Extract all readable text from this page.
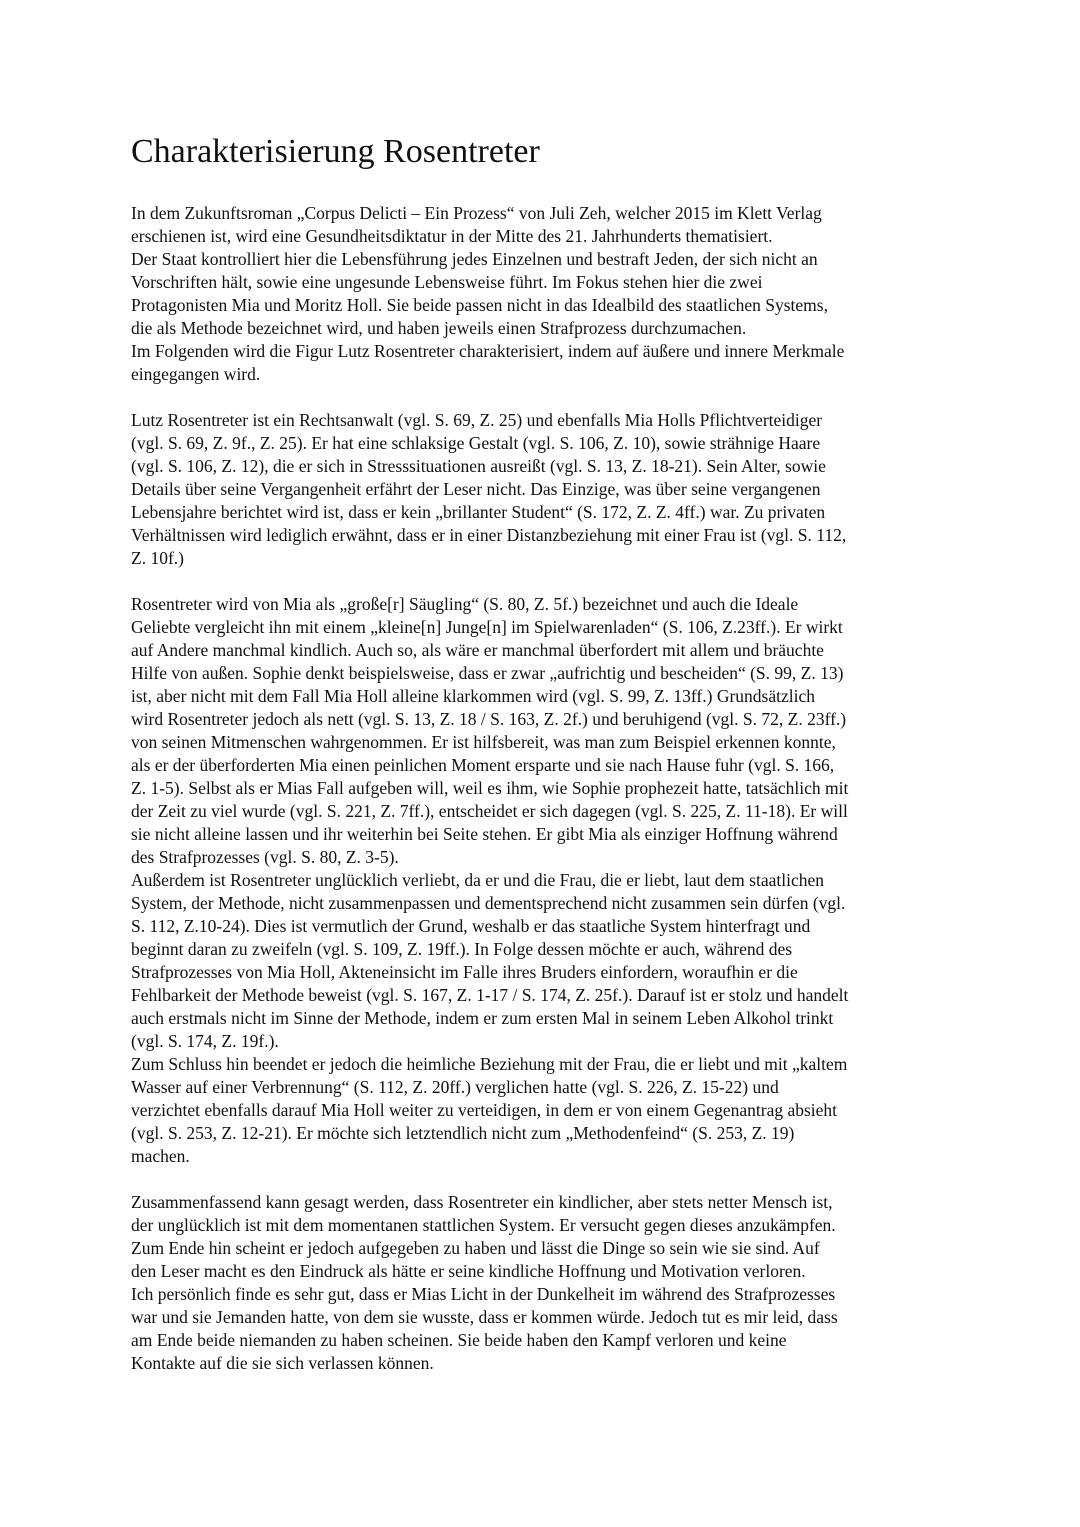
Charakterisierung Rosentreter
In dem Zukunftsroman „Corpus Delicti – Ein Prozess“ von Juli Zeh, welcher 2015 im Klett Verlag
erschienen ist, wird eine Gesundheitsdiktatur in der Mitte des 21. Jahrhunderts thematisiert.
Der Staat kontrolliert hier die Lebensführung jedes Einzelnen und bestraft Jeden, der sich nicht an
Vorschriften hält, sowie eine ungesunde Lebensweise führt. Im Fokus stehen hier die zwei
Protagonisten Mia und Moritz Holl. Sie beide passen nicht in das Idealbild des staatlichen Systems,
die als Methode bezeichnet wird, und haben jeweils einen Strafprozess durchzumachen.
Im Folgenden wird die Figur Lutz Rosentreter charakterisiert, indem auf äußere und innere Merkmale
eingegangen wird.
Lutz Rosentreter ist ein Rechtsanwalt (vgl. S. 69, Z. 25) und ebenfalls Mia Holls Pflichtverteidiger
(vgl. S. 69, Z. 9f., Z. 25). Er hat eine schlaksige Gestalt (vgl. S. 106, Z. 10), sowie strähnige Haare
(vgl. S. 106, Z. 12), die er sich in Stresssituationen ausreißt (vgl. S. 13, Z. 18-21). Sein Alter, sowie
Details über seine Vergangenheit erfährt der Leser nicht. Das Einzige, was über seine vergangenen
Lebensjahre berichtet wird ist, dass er kein „brillanter Student“ (S. 172, Z. Z. 4ff.) war. Zu privaten
Verhältnissen wird lediglich erwähnt, dass er in einer Distanzbeziehung mit einer Frau ist (vgl. S. 112,
Z. 10f.)
Rosentreter wird von Mia als „große[r] Säugling“ (S. 80, Z. 5f.) bezeichnet und auch die Ideale
Geliebte vergleicht ihn mit einem „kleine[n] Junge[n] im Spielwarenladen“ (S. 106, Z.23ff.). Er wirkt
auf Andere manchmal kindlich. Auch so, als wäre er manchmal überfordert mit allem und bräuchte
Hilfe von außen. Sophie denkt beispielsweise, dass er zwar „aufrichtig und bescheiden“ (S. 99, Z. 13)
ist, aber nicht mit dem Fall Mia Holl alleine klarkommen wird (vgl. S. 99, Z. 13ff.) Grundsätzlich
wird Rosentreter jedoch als nett (vgl. S. 13, Z. 18 / S. 163, Z. 2f.) und beruhigend (vgl. S. 72, Z. 23ff.)
von seinen Mitmenschen wahrgenommen. Er ist hilfsbereit, was man zum Beispiel erkennen konnte,
als er der überforderten Mia einen peinlichen Moment ersparte und sie nach Hause fuhr (vgl. S. 166,
Z. 1-5). Selbst als er Mias Fall aufgeben will, weil es ihm, wie Sophie prophezeit hatte, tatsächlich mit
der Zeit zu viel wurde (vgl. S. 221, Z. 7ff.), entscheidet er sich dagegen (vgl. S. 225, Z. 11-18). Er will
sie nicht alleine lassen und ihr weiterhin bei Seite stehen. Er gibt Mia als einziger Hoffnung während
des Strafprozesses (vgl. S. 80, Z. 3-5).
Außerdem ist Rosentreter unglücklich verliebt, da er und die Frau, die er liebt, laut dem staatlichen
System, der Methode, nicht zusammenpassen und dementsprechend nicht zusammen sein dürfen (vgl.
S. 112, Z.10-24). Dies ist vermutlich der Grund, weshalb er das staatliche System hinterfragt und
beginnt daran zu zweifeln (vgl. S. 109, Z. 19ff.). In Folge dessen möchte er auch, während des
Strafprozesses von Mia Holl, Akteneinsicht im Falle ihres Bruders einfordern, woraufhin er die
Fehlbarkeit der Methode beweist (vgl. S. 167, Z. 1-17 / S. 174, Z. 25f.). Darauf ist er stolz und handelt
auch erstmals nicht im Sinne der Methode, indem er zum ersten Mal in seinem Leben Alkohol trinkt
(vgl. S. 174, Z. 19f.).
Zum Schluss hin beendet er jedoch die heimliche Beziehung mit der Frau, die er liebt und mit „kaltem
Wasser auf einer Verbrennung“ (S. 112, Z. 20ff.) verglichen hatte (vgl. S. 226, Z. 15-22) und
verzichtet ebenfalls darauf Mia Holl weiter zu verteidigen, in dem er von einem Gegenantrag absieht
(vgl. S. 253, Z. 12-21). Er möchte sich letztendlich nicht zum „Methodenfeind“ (S. 253, Z. 19)
machen.
Zusammenfassend kann gesagt werden, dass Rosentreter ein kindlicher, aber stets netter Mensch ist,
der unglücklich ist mit dem momentanen stattlichen System. Er versucht gegen dieses anzukämpfen.
Zum Ende hin scheint er jedoch aufgegeben zu haben und lässt die Dinge so sein wie sie sind. Auf
den Leser macht es den Eindruck als hätte er seine kindliche Hoffnung und Motivation verloren.
Ich persönlich finde es sehr gut, dass er Mias Licht in der Dunkelheit im während des Strafprozesses
war und sie Jemanden hatte, von dem sie wusste, dass er kommen würde. Jedoch tut es mir leid, dass
am Ende beide niemanden zu haben scheinen. Sie beide haben den Kampf verloren und keine
Kontakte auf die sie sich verlassen können.
